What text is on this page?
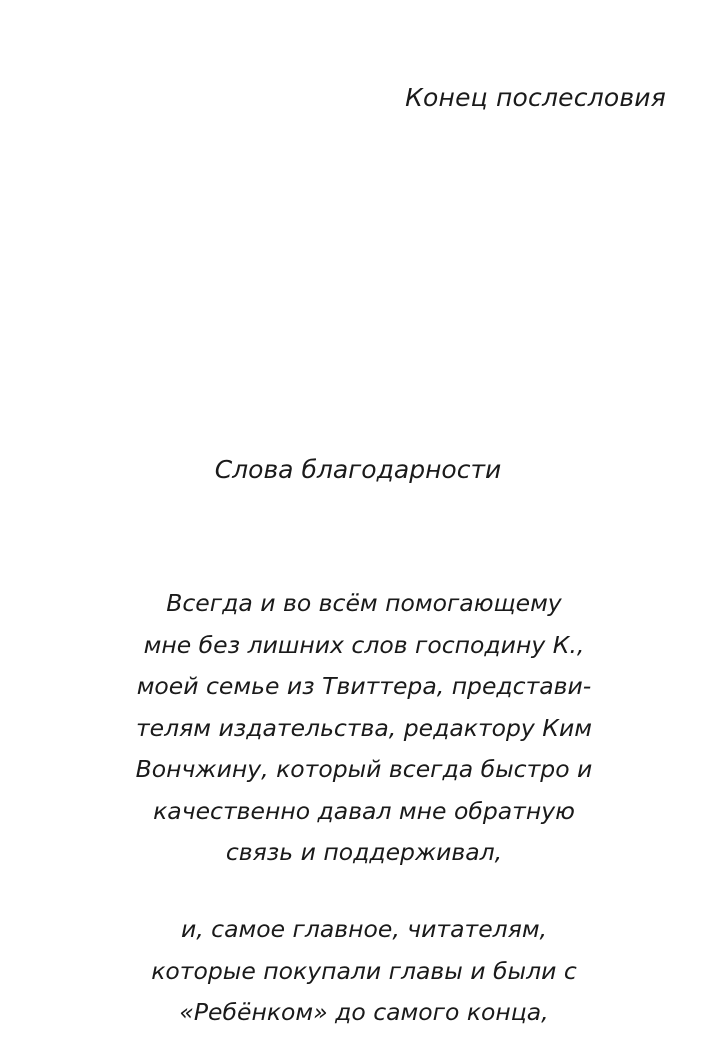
Конец послесловия
Слова благодарности
Всегда и во всём помогающему
мне без лишних слов господину К.,
моей семье из Твиттера, представи-
телям издательства, редактору Ким
Вончжину, который всегда быстро и
качественно давал мне обратную
связь и поддерживал,
и, самое главное, читателям,
которые покупали главы и были с
«Ребёнком» до самого конца,
